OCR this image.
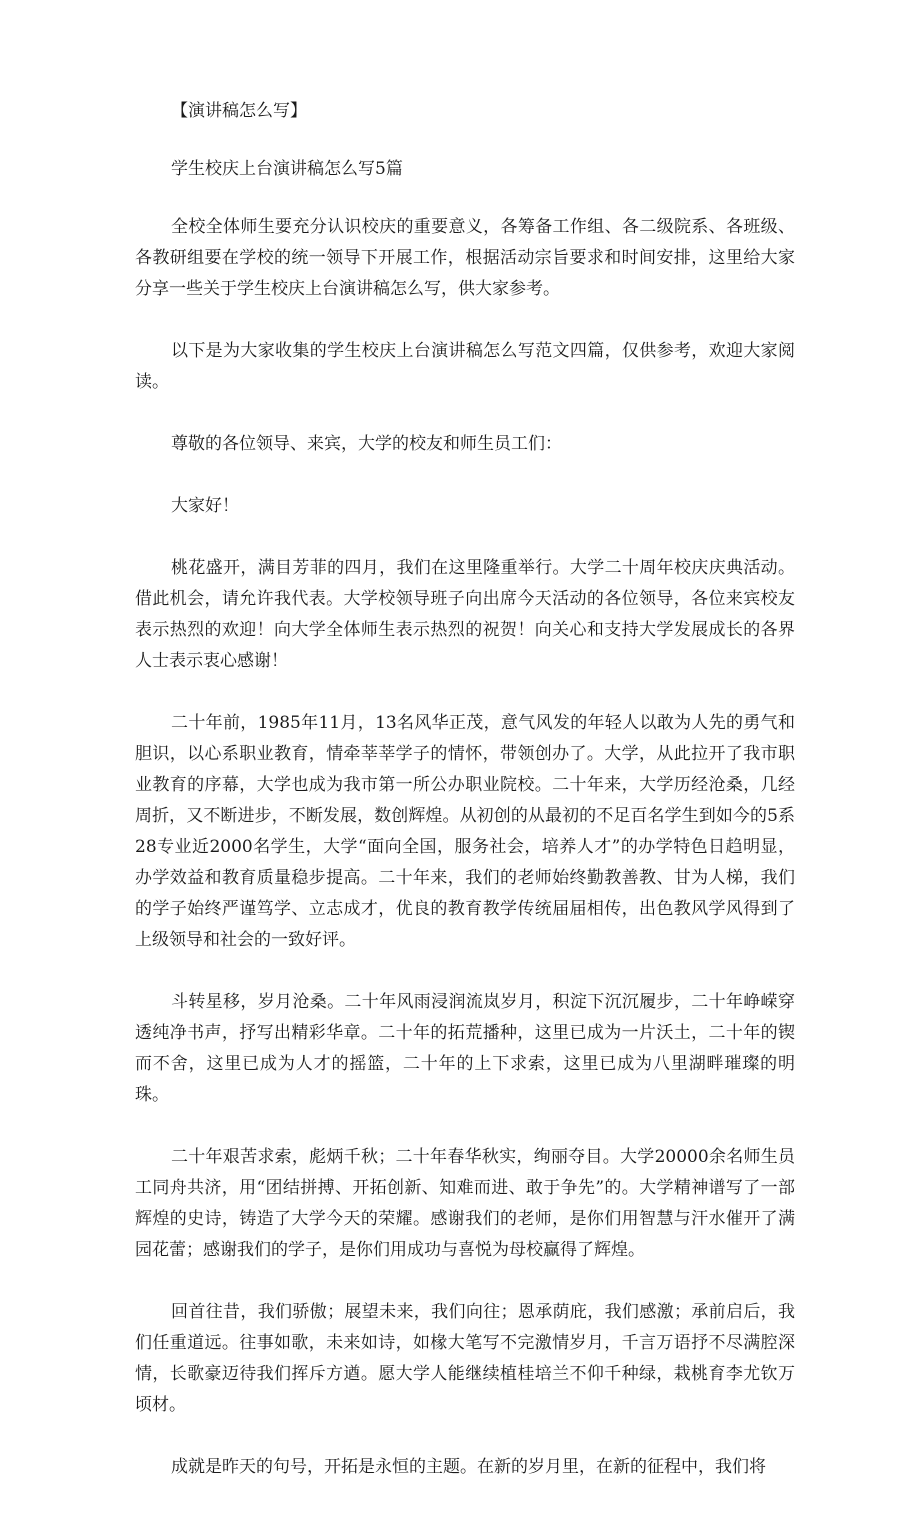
【演讲稿怎么写】

学生校庆上台演讲稿怎么写5篇

全校全体师生要充分认识校庆的重要意义，各筹备工作组、各二级院系、各班级、各教研组要在学校的统一领导下开展工作，根据活动宗旨要求和时间安排，这里给大家分享一些关于学生校庆上台演讲稿怎么写，供大家参考。

以下是为大家收集的学生校庆上台演讲稿怎么写范文四篇，仅供参考，欢迎大家阅读。

尊敬的各位领导、来宾，大学的校友和师生员工们：

大家好！

桃花盛开，满目芳菲的四月，我们在这里隆重举行。大学二十周年校庆庆典活动。借此机会，请允许我代表。大学校领导班子向出席今天活动的各位领导，各位来宾校友表示热烈的欢迎！向大学全体师生表示热烈的祝贺！向关心和支持大学发展成长的各界人士表示衷心感谢！

二十年前，1985年11月，13名风华正茂，意气风发的年轻人以敢为人先的勇气和胆识，以心系职业教育，情牵莘莘学子的情怀，带领创办了。大学，从此拉开了我市职业教育的序幕，大学也成为我市第一所公办职业院校。二十年来，大学历经沧桑，几经周折，又不断进步，不断发展，数创辉煌。从初创的从最初的不足百名学生到如今的5系28专业近2000名学生，大学“面向全国，服务社会，培养人才”的办学特色日趋明显，办学效益和教育质量稳步提高。二十年来，我们的老师始终勤教善教、甘为人梯，我们的学子始终严谨笃学、立志成才，优良的教育教学传统届届相传，出色教风学风得到了上级领导和社会的一致好评。

斗转星移，岁月沧桑。二十年风雨浸润流岚岁月，积淀下沉沉履步，二十年峥嵘穿透纯净书声，抒写出精彩华章。二十年的拓荒播种，这里已成为一片沃土，二十年的锲而不舍，这里已成为人才的摇篮，二十年的上下求索，这里已成为八里湖畔璀璨的明珠。

二十年艰苦求索，彪炳千秋；二十年春华秋实，绚丽夺目。大学20000余名师生员工同舟共济，用“团结拼搏、开拓创新、知难而进、敢于争先”的。大学精神谱写了一部辉煌的史诗，铸造了大学今天的荣耀。感谢我们的老师，是你们用智慧与汗水催开了满园花蕾；感谢我们的学子，是你们用成功与喜悦为母校赢得了辉煌。

回首往昔，我们骄傲；展望未来，我们向往；恩承荫庇，我们感激；承前启后，我们任重道远。往事如歌，未来如诗，如椽大笔写不完激情岁月，千言万语抒不尽满腔深情，长歌豪迈待我们挥斥方遒。愿大学人能继续植桂培兰不仰千种绿，栽桃育李尤钦万顷材。

成就是昨天的句号，开拓是永恒的主题。在新的岁月里，在新的征程中，我们将
